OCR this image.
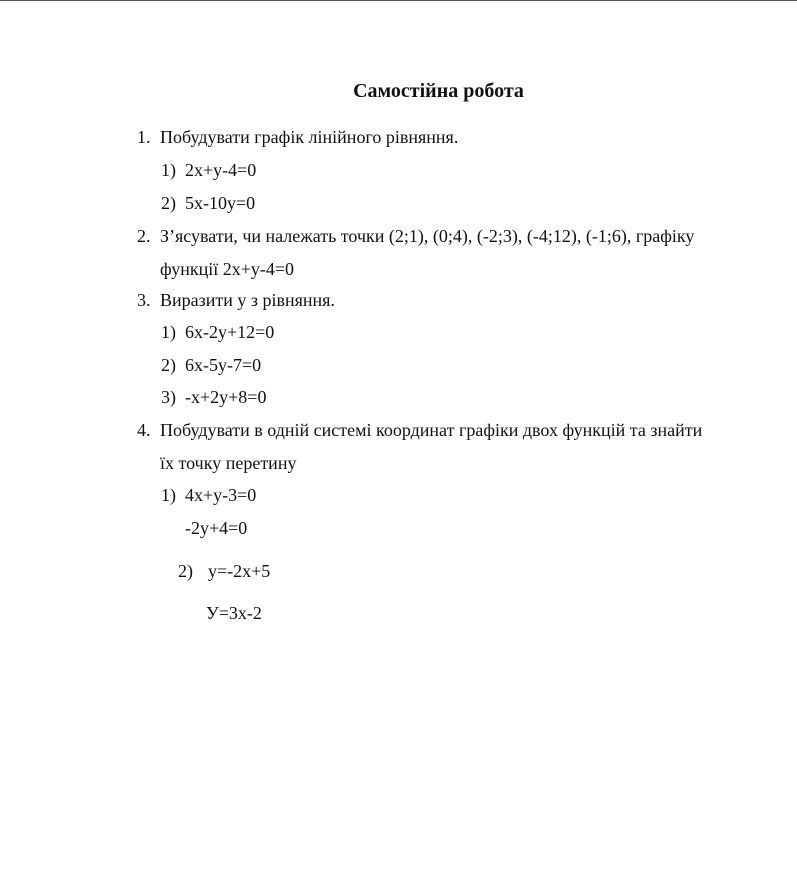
Самостійна робота
1. Побудувати графік лінійного рівняння.
1) 2x+y-4=0
2) 5x-10y=0
2. З’ясувати, чи належать точки (2;1), (0;4), (-2;3), (-4;12), (-1;6), графіку
функції 2x+y-4=0
3. Виразити у з рівняння.
1) 6x-2y+12=0
2) 6x-5y-7=0
3) -x+2y+8=0
4. Побудувати в одній системі координат графіки двох функцій та знайти
їх точку перетину
1) 4x+y-3=0
-2y+4=0
2) y=-2x+5
У=3x-2
